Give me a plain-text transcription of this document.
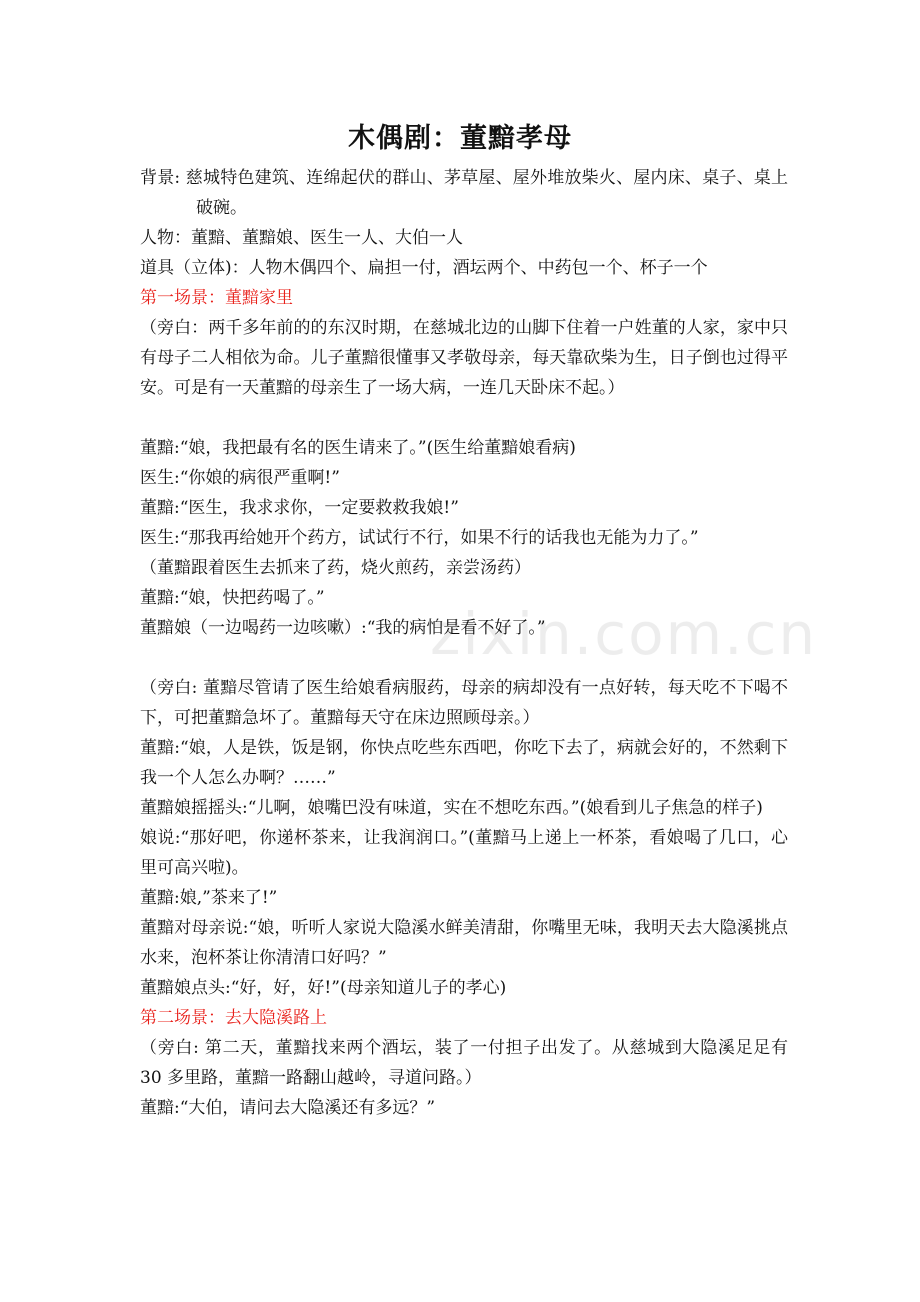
木偶剧：董黯孝母

背景: 慈城特色建筑、连绵起伏的群山、茅草屋、屋外堆放柴火、屋内床、桌子、桌上破碗。

人物：董黯、董黯娘、医生一人、大伯一人

道具（立体)：人物木偶四个、扁担一付，酒坛两个、中药包一个、杯子一个

第一场景：董黯家里

（旁白：两千多年前的的东汉时期，在慈城北边的山脚下住着一户姓董的人家，家中只有母子二人相依为命。儿子董黯很懂事又孝敬母亲，每天靠砍柴为生，日子倒也过得平安。可是有一天董黯的母亲生了一场大病，一连几天卧床不起。）

董黯:“娘，我把最有名的医生请来了。”(医生给董黯娘看病)

医生:“你娘的病很严重啊!”

董黯:“医生，我求求你，一定要救救我娘!”

医生:“那我再给她开个药方，试试行不行，如果不行的话我也无能为力了。”

（董黯跟着医生去抓来了药，烧火煎药，亲尝汤药）

董黯:“娘，快把药喝了。”

董黯娘（一边喝药一边咳嗽）:“我的病怕是看不好了。”

（旁白: 董黯尽管请了医生给娘看病服药，母亲的病却没有一点好转，每天吃不下喝不下，可把董黯急坏了。董黯每天守在床边照顾母亲。）

董黯:“娘，人是铁，饭是钢，你快点吃些东西吧，你吃下去了，病就会好的，不然剩下我一个人怎么办啊？……”

董黯娘摇摇头:“儿啊，娘嘴巴没有味道，实在不想吃东西。”(娘看到儿子焦急的样子)

娘说:“那好吧，你递杯茶来，让我润润口。”(董黯马上递上一杯茶，看娘喝了几口，心里可高兴啦)。

董黯:娘,”茶来了!”

董黯对母亲说:“娘，听听人家说大隐溪水鲜美清甜，你嘴里无味，我明天去大隐溪挑点水来，泡杯茶让你清清口好吗？”

董黯娘点头:“好，好，好!”(母亲知道儿子的孝心)

第二场景：去大隐溪路上

（旁白: 第二天，董黯找来两个酒坛，装了一付担子出发了。从慈城到大隐溪足足有 30 多里路，董黯一路翻山越岭，寻道问路。）

董黯:“大伯，请问去大隐溪还有多远？”

zixin.com.cn
